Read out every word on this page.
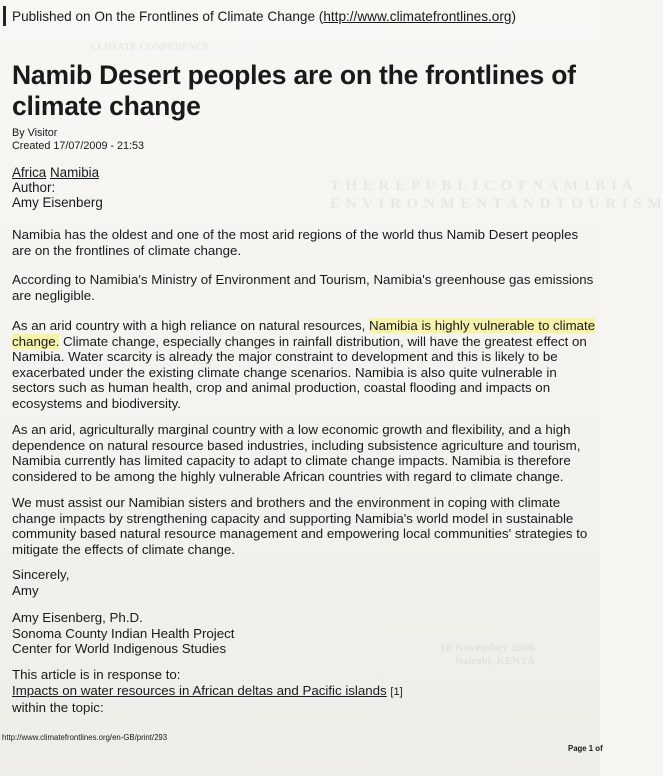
T H E R E P U B L I C O F N A M I B I A
E N V I R O N M E N T A N D T O U R I S M
18 November 2006
Nairobi, KENYA
CLIMATE CONFERENCE
Published on On the Frontlines of Climate Change (http://www.climatefrontlines.org)
Namib Desert peoples are on the frontlines of climate change
By Visitor
Created 17/07/2009 - 21:53
Africa Namibia
Author:
Amy Eisenberg

Namibia has the oldest and one of the most arid regions of the world thus Namib Desert peoples are on the frontlines of climate change.

According to Namibia's Ministry of Environment and Tourism, Namibia's greenhouse gas emissions are negligible.

As an arid country with a high reliance on natural resources, Namibia is highly vulnerable to climate change. Climate change, especially changes in rainfall distribution, will have the greatest effect on Namibia. Water scarcity is already the major constraint to development and this is likely to be exacerbated under the existing climate change scenarios. Namibia is also quite vulnerable in sectors such as human health, crop and animal production, coastal flooding and impacts on ecosystems and biodiversity.

As an arid, agriculturally marginal country with a low economic growth and flexibility, and a high dependence on natural resource based industries, including subsistence agriculture and tourism, Namibia currently has limited capacity to adapt to climate change impacts. Namibia is therefore considered to be among the highly vulnerable African countries with regard to climate change.

We must assist our Namibian sisters and brothers and the environment in coping with climate change impacts by strengthening capacity and supporting Namibia's world model in sustainable community based natural resource management and empowering local communities' strategies to mitigate the effects of climate change.

Sincerely,
Amy
Amy Eisenberg, Ph.D.
Sonoma County Indian Health Project
Center for World Indigenous Studies
This article is in response to:
Impacts on water resources in African deltas and Pacific islands [1]
within the topic:
http://www.climatefrontlines.org/en-GB/print/293
Page 1 of
